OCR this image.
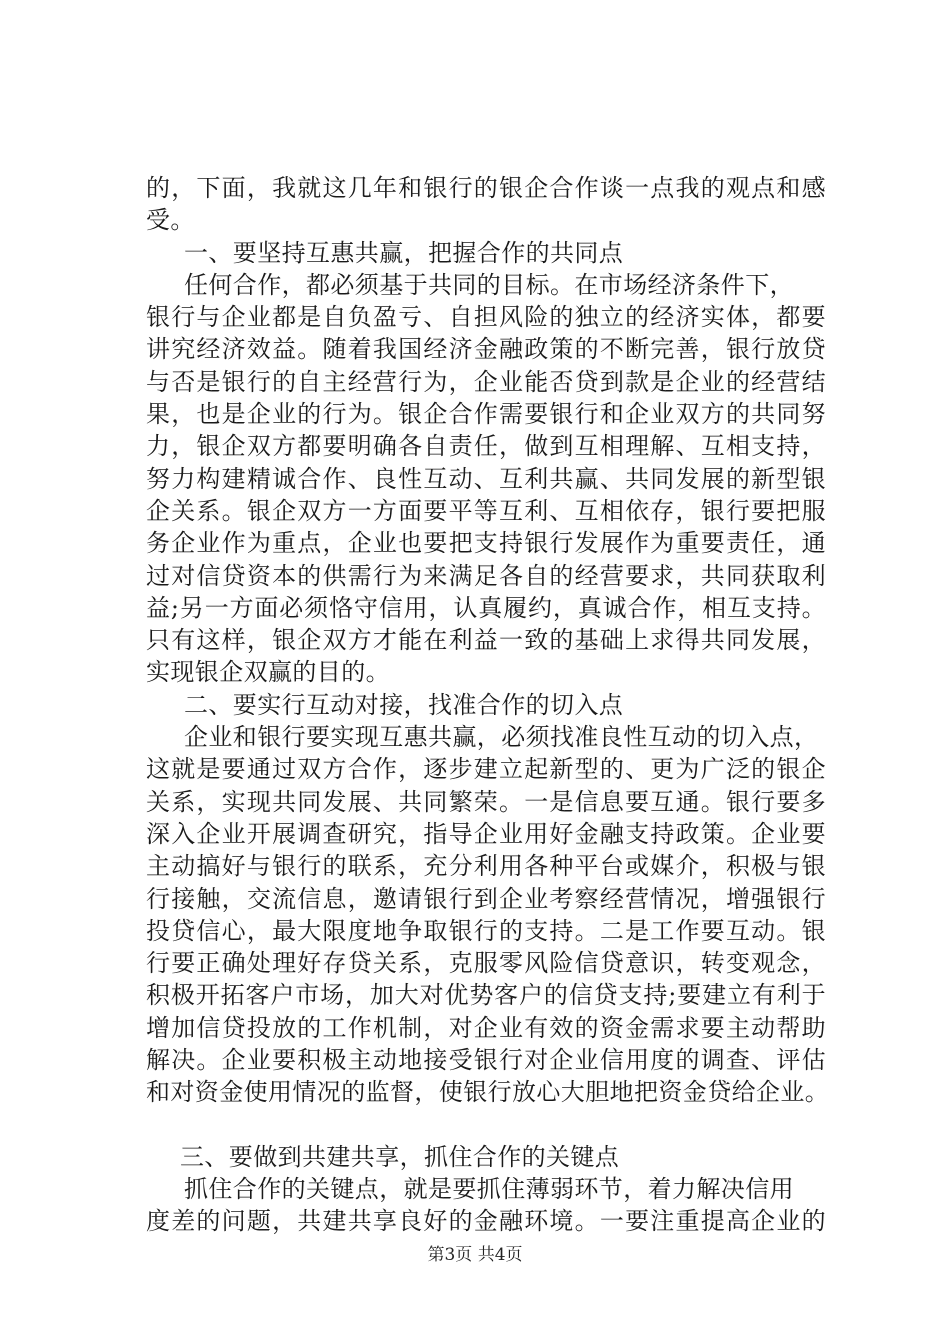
的，下面，我就这几年和银行的银企合作谈一点我的观点和感
受。
一、要坚持互惠共赢，把握合作的共同点
任何合作，都必须基于共同的目标。在市场经济条件下，
银行与企业都是自负盈亏、自担风险的独立的经济实体，都要
讲究经济效益。随着我国经济金融政策的不断完善，银行放贷
与否是银行的自主经营行为，企业能否贷到款是企业的经营结
果，也是企业的行为。银企合作需要银行和企业双方的共同努
力，银企双方都要明确各自责任，做到互相理解、互相支持，
努力构建精诚合作、良性互动、互利共赢、共同发展的新型银
企关系。银企双方一方面要平等互利、互相依存，银行要把服
务企业作为重点，企业也要把支持银行发展作为重要责任，通
过对信贷资本的供需行为来满足各自的经营要求，共同获取利
益;另一方面必须恪守信用，认真履约，真诚合作，相互支持。
只有这样，银企双方才能在利益一致的基础上求得共同发展，
实现银企双赢的目的。
二、要实行互动对接，找准合作的切入点
企业和银行要实现互惠共赢，必须找准良性互动的切入点，
这就是要通过双方合作，逐步建立起新型的、更为广泛的银企
关系，实现共同发展、共同繁荣。一是信息要互通。银行要多
深入企业开展调查研究，指导企业用好金融支持政策。企业要
主动搞好与银行的联系，充分利用各种平台或媒介，积极与银
行接触，交流信息，邀请银行到企业考察经营情况，增强银行
投贷信心，最大限度地争取银行的支持。二是工作要互动。银
行要正确处理好存贷关系，克服零风险信贷意识，转变观念，
积极开拓客户市场，加大对优势客户的信贷支持;要建立有利于
增加信贷投放的工作机制，对企业有效的资金需求要主动帮助
解决。企业要积极主动地接受银行对企业信用度的调查、评估
和对资金使用情况的监督，使银行放心大胆地把资金贷给企业。
三、要做到共建共享，抓住合作的关键点
抓住合作的关键点，就是要抓住薄弱环节，着力解决信用
度差的问题，共建共享良好的金融环境。一要注重提高企业的
第3页 共4页
